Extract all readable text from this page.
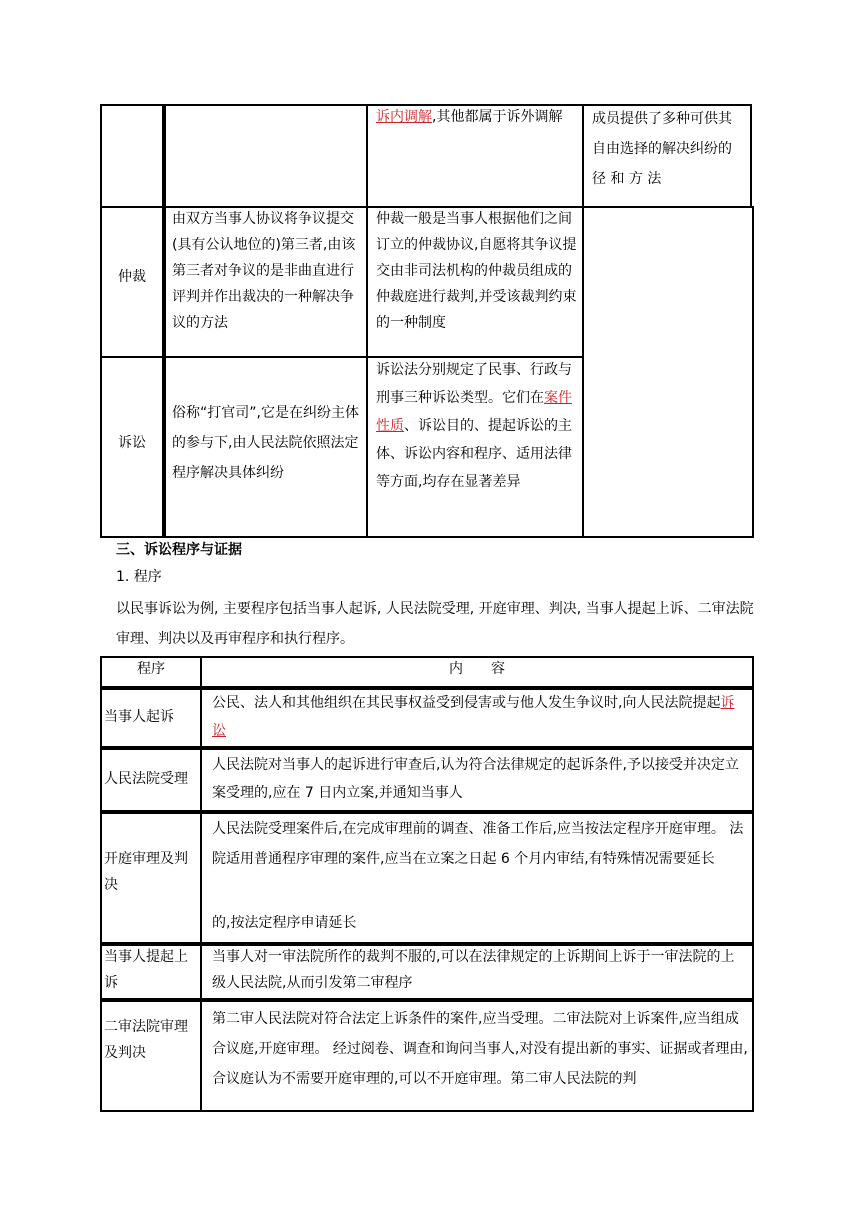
诉内调解,其他都属于诉外调解	成员提供了多种可供其自由选择的解决纠纷的径 和 方 法
仲裁
由双方当事人协议将争议提交(具有公认地位的)第三者,由该第三者对争议的是非曲直进行评判并作出裁决的一种解决争议的方法
仲裁一般是当事人根据他们之间订立的仲裁协议,自愿将其争议提交由非司法机构的仲裁员组成的仲裁庭进行裁判,并受该裁判约束的一种制度
诉讼
俗称“打官司”,它是在纠纷主体的参与下,由人民法院依照法定程序解决具体纠纷
诉讼法分别规定了民事、行政与刑事三种诉讼类型。它们在案件性质、诉讼目的、提起诉讼的主体、诉讼内容和程序、适用法律等方面,均存在显著差异
三、诉讼程序与证据
1. 程序
以民事诉讼为例, 主要程序包括当事人起诉, 人民法院受理, 开庭审理、判决, 当事人提起上诉、二审法院审理、判决以及再审程序和执行程序。
程序	内　　容
当事人起诉
公民、法人和其他组织在其民事权益受到侵害或与他人发生争议时,向人民法院提起诉讼
人民法院受理
人民法院对当事人的起诉进行审查后,认为符合法律规定的起诉条件,予以接受并决定立案受理的,应在 7 日内立案,并通知当事人
开庭审理及判决
人民法院受理案件后,在完成审理前的调查、准备工作后,应当按法定程序开庭审理。 法院适用普通程序审理的案件,应当在立案之日起 6 个月内审结,有特殊情况需要延长
的,按法定程序申请延长
当事人提起上诉
当事人对一审法院所作的裁判不服的,可以在法律规定的上诉期间上诉于一审法院的上级人民法院,从而引发第二审程序
二审法院审理及判决
第二审人民法院对符合法定上诉条件的案件,应当受理。二审法院对上诉案件,应当组成合议庭,开庭审理。 经过阅卷、调查和询问当事人,对没有提出新的事实、证据或者理由,合议庭认为不需要开庭审理的,可以不开庭审理。第二审人民法院的判
